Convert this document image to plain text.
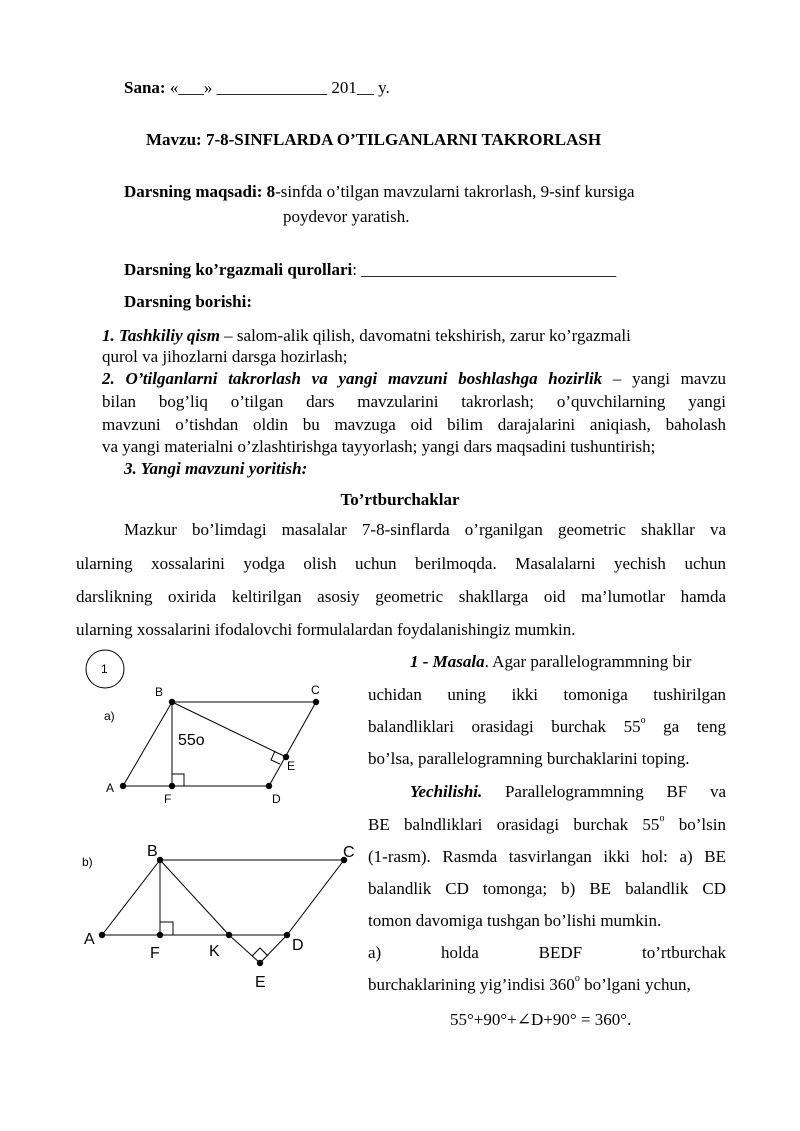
Sana: «___» _____________ 201__ y.
Mavzu: 7-8-SINFLARDA O’TILGANLARNI TAKRORLASH
Darsning maqsadi: 8-sinfda o’tilgan mavzularni takrorlash, 9-sinf kursiga
poydevor yaratish.
Darsning ko’rgazmali qurollari: ______________________________
Darsning borishi:
1. Tashkiliy qism – salom-alik qilish, davomatni tekshirish, zarur ko’rgazmali
qurol va jihozlarni darsga hozirlash;
2. O’tilganlarni takrorlash va yangi mavzuni boshlashga hozirlik – yangi mavzu
bilan bog’liq o’tilgan dars mavzularini takrorlash; o’quvchilarning yangi
mavzuni o’tishdan oldin bu mavzuga oid bilim darajalarini aniqiash, baholash
va yangi materialni o’zlashtirishga tayyorlash; yangi dars maqsadini tushuntirish;
3. Yangi mavzuni yoritish:
To’rtburchaklar
Mazkur bo’limdagi masalalar 7-8-sinflarda o’rganilgan geometric shakllar va
ularning xossalarini yodga olish uchun berilmoqda. Masalalarni yechish uchun
darslikning oxirida keltirilgan asosiy geometric shakllarga oid ma’lumotlar hamda
ularning xossalarini ifodalovchi formulalardan foydalanishingiz mumkin.
1 - Masala. Agar parallelogrammning bir
uchidan uning ikki tomoniga tushirilgan
balandliklari orasidagi burchak 55$^o$ ga teng
bo’lsa, parallelogramning burchaklarini toping.
Yechilishi. Parallelogrammning BF va
BE balndliklari orasidagi burchak 55$^o$ bo’lsin
(1-rasm). Rasmda tasvirlangan ikki hol: a) BE
balandlik CD tomonga; b) BE balandlik CD
tomon davomiga tushgan bo’lishi mumkin.
a) holda BEDF to’rtburchak
burchaklarining yig’indisi 360$^o$ bo’lgani ychun,
55°+90°+∠D+90° = 360°.
1
a)
A
B	C
D
E
F
55o
b)
A
B	C
D
E
F	K
